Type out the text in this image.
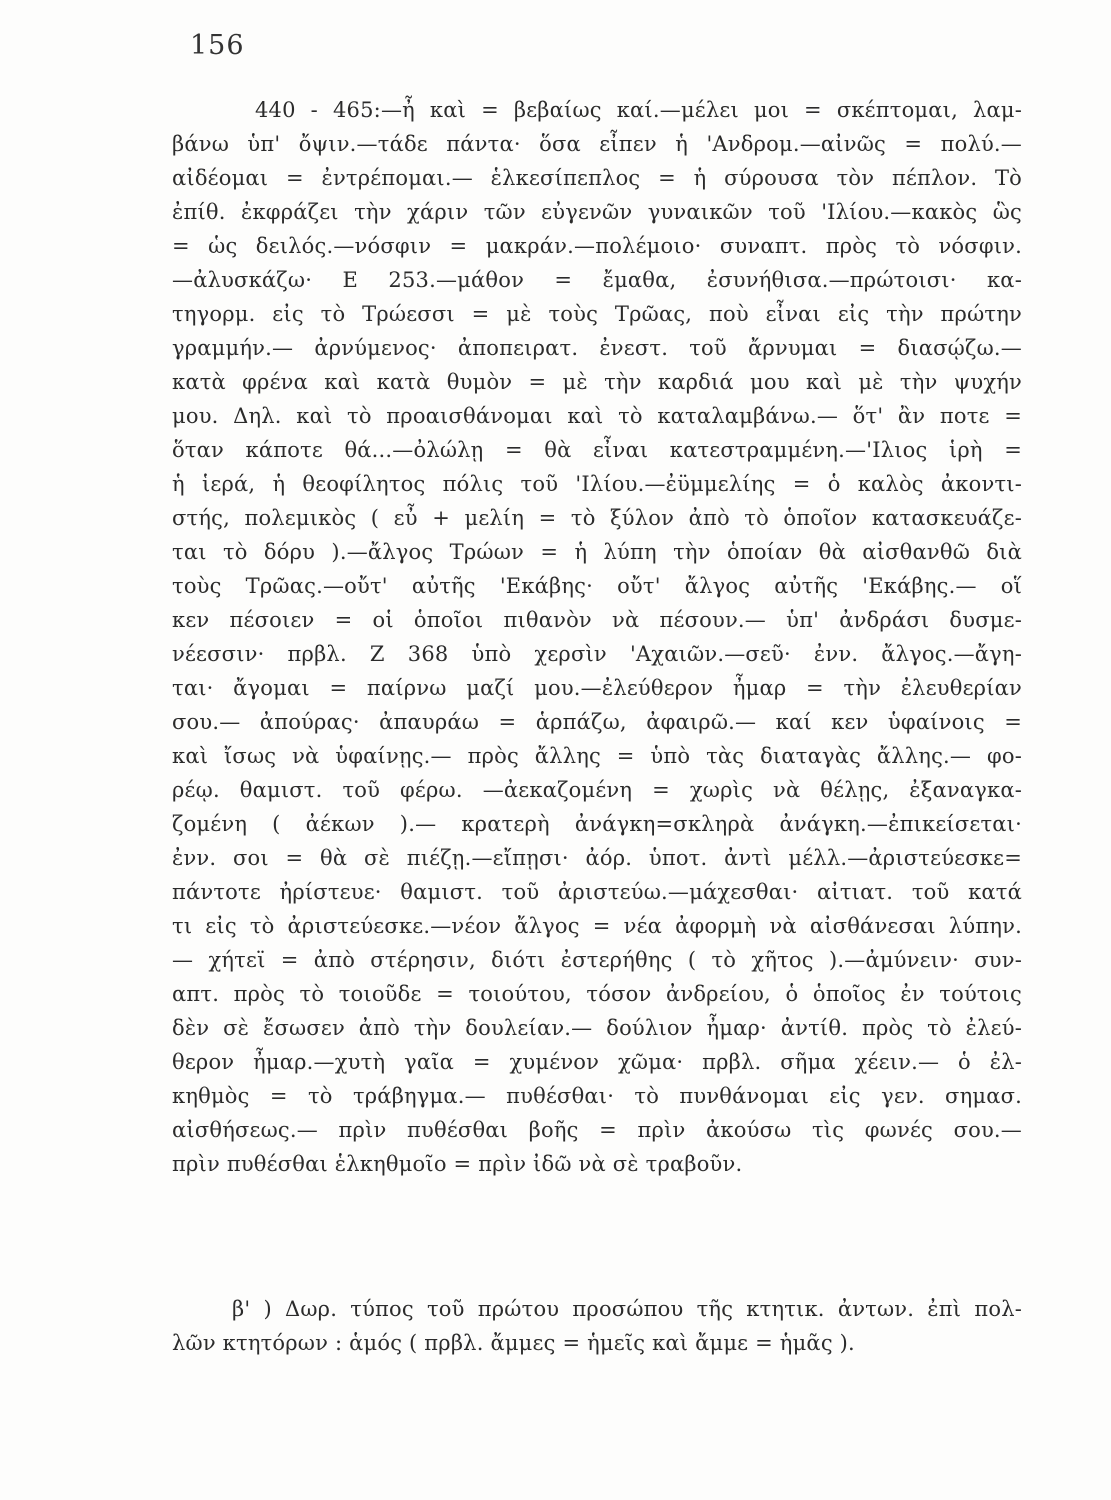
156
440 - 465:—ἦ καὶ = βεβαίως καί.—μέλει μοι = σκέπτομαι, λαμ-
βάνω ὑπ' ὄψιν.—τάδε πάντα· ὅσα εἶπεν ἡ 'Ανδρομ.—αἰνῶς = πολύ.—
αἰδέομαι = ἐντρέπομαι.— ἑλκεσίπεπλος = ἡ σύρουσα τὸν πέπλον. Τὸ
ἐπίθ. ἐκφράζει τὴν χάριν τῶν εὐγενῶν γυναικῶν τοῦ 'Ιλίου.—κακὸς ὣς
= ὡς δειλός.—νόσφιν = μακράν.—πολέμοιο· συναπτ. πρὸς τὸ νόσφιν.
—ἀλυσκάζω· Ε 253.—μάθον = ἔμαθα, ἐσυνήθισα.—πρώτοισι· κα-
τηγορμ. εἰς τὸ Τρώεσσι = μὲ τοὺς Τρῶας, ποὺ εἶναι εἰς τὴν πρώτην
γραμμήν.— ἀρνύμενος· ἀποπειρατ. ἐνεστ. τοῦ ἄρνυμαι = διασῴζω.—
κατὰ φρένα καὶ κατὰ θυμὸν = μὲ τὴν καρδιά μου καὶ μὲ τὴν ψυχήν
μου. Δηλ. καὶ τὸ προαισθάνομαι καὶ τὸ καταλαμβάνω.— ὅτ' ἂν ποτε =
ὅταν κάποτε θά...—ὀλώλῃ = θὰ εἶναι κατεστραμμένη.—'Ιλιος ἱρὴ =
ἡ ἱερά, ἡ θεοφίλητος πόλις τοῦ 'Ιλίου.—ἐϋμμελίης = ὁ καλὸς ἀκοντι-
στής, πολεμικὸς ( εὖ + μελίη = τὸ ξύλον ἀπὸ τὸ ὁποῖον κατασκευάζε-
ται τὸ δόρυ ).—ἄλγος Τρώων = ἡ λύπη τὴν ὁποίαν θὰ αἰσθανθῶ διὰ
τοὺς Τρῶας.—οὔτ' αὐτῆς 'Εκάβης· οὔτ' ἄλγος αὐτῆς 'Εκάβης.— οἵ
κεν πέσοιεν = οἱ ὁποῖοι πιθανὸν νὰ πέσουν.— ὑπ' ἀνδράσι δυσμε-
νέεσσιν· πρβλ. Ζ 368 ὑπὸ χερσὶν 'Αχαιῶν.—σεῦ· ἐνν. ἄλγος.—ἄγη-
ται· ἄγομαι = παίρνω μαζί μου.—ἐλεύθερον ἦμαρ = τὴν ἐλευθερίαν
σου.— ἀπούρας· ἀπαυράω = ἁρπάζω, ἀφαιρῶ.— καί κεν ὑφαίνοις =
καὶ ἴσως νὰ ὑφαίνῃς.— πρὸς ἄλλης = ὑπὸ τὰς διαταγὰς ἄλλης.— φο-
ρέῳ. θαμιστ. τοῦ φέρω. —ἀεκαζομένη = χωρὶς νὰ θέλῃς, ἐξαναγκα-
ζομένη ( ἀέκων ).— κρατερὴ ἀνάγκη=σκληρὰ ἀνάγκη.—ἐπικείσεται·
ἐνν. σοι = θὰ σὲ πιέζῃ.—εἴπῃσι· ἀόρ. ὑποτ. ἀντὶ μέλλ.—ἀριστεύεσκε=
πάντοτε ἠρίστευε· θαμιστ. τοῦ ἀριστεύω.—μάχεσθαι· αἰτιατ. τοῦ κατά
τι εἰς τὸ ἀριστεύεσκε.—νέον ἄλγος = νέα ἀφορμὴ νὰ αἰσθάνεσαι λύπην.
— χήτεϊ = ἀπὸ στέρησιν, διότι ἐστερήθης ( τὸ χῆτος ).—ἀμύνειν· συν-
απτ. πρὸς τὸ τοιοῦδε = τοιούτου, τόσον ἀνδρείου, ὁ ὁποῖος ἐν τούτοις
δὲν σὲ ἔσωσεν ἀπὸ τὴν δουλείαν.— δούλιον ἦμαρ· ἀντίθ. πρὸς τὸ ἐλεύ-
θερον ἦμαρ.—χυτὴ γαῖα = χυμένον χῶμα· πρβλ. σῆμα χέειν.— ὁ ἐλ-
κηθμὸς = τὸ τράβηγμα.— πυθέσθαι· τὸ πυνθάνομαι εἰς γεν. σημασ.
αἰσθήσεως.— πρὶν πυθέσθαι βοῆς = πρὶν ἀκούσω τὶς φωνές σου.—
πρὶν πυθέσθαι ἑλκηθμοῖο = πρὶν ἰδῶ νὰ σὲ τραβοῦν.
β' ) Δωρ. τύπος τοῦ πρώτου προσώπου τῆς κτητικ. ἀντων. ἐπὶ πολ-
λῶν κτητόρων : ἁμός ( πρβλ. ἄμμες = ἡμεῖς καὶ ἄμμε = ἡμᾶς ).
